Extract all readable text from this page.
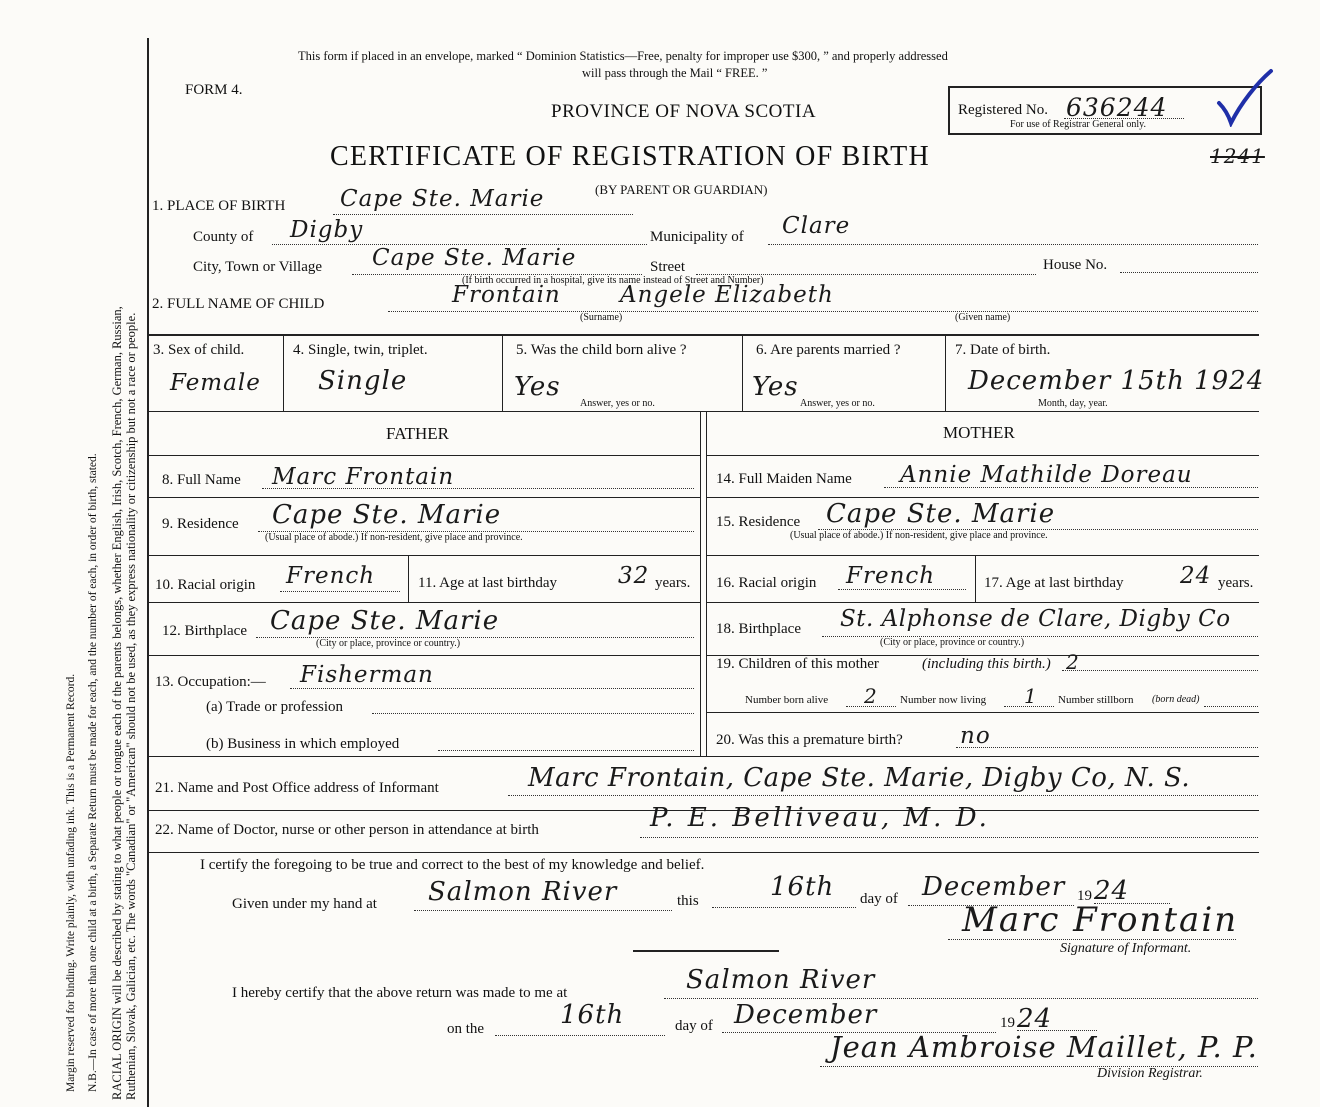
Margin reserved for binding. Write plainly, with unfading ink. This is a Permanent Record. N.B.—In case of more than one child at a birth, a Separate Return must be made for each, and the number of each, in order of birth, stated. RACIAL ORIGIN will be described by stating to what people or tongue each of the parents belongs, whether English, Irish, Scotch, French, German, Russian, Ruthenian, Slovak, Galician, etc. The words "Canadian" or "American" should not be used, as they express nationality or citizenship but not a race or people.
This form if placed in an envelope, marked “ Dominion Statistics—Free, penalty for improper use $300, ” and properly addressed
will pass through the Mail “ FREE. ”
FORM 4.
PROVINCE OF NOVA SCOTIA
CERTIFICATE OF REGISTRATION OF BIRTH
(BY PARENT OR GUARDIAN)
Registered No. 636244
For use of Registrar General only.
1241
1. PLACE OF BIRTH Cape Ste. Marie
County of Digby	Municipality of Clare
City, Town or Village Cape Ste. Marie	Street	House No.
(If birth occurred in a hospital, give its name instead of Street and Number)
2. FULL NAME OF CHILD	Frontain	Angele Elizabeth
(Surname)	(Given name)
3. Sex of child.
Female
4. Single, twin, triplet.
Single
5. Was the child born alive ?
Yes
Answer, yes or no.
6. Are parents married ?
Yes
Answer, yes or no.
7. Date of birth.
December 15th 1924
Month, day, year.
FATHER	MOTHER
8. Full Name Marc Frontain
9. Residence Cape Ste. Marie
(Usual place of abode.) If non-resident, give place and province.
10. Racial origin French	11. Age at last birthday	32 years.
12. Birthplace Cape Ste. Marie
(City or place, province or country.)
13. Occupation:— Fisherman
(a) Trade or profession
(b) Business in which employed
14. Full Maiden Name Annie Mathilde Doreau
15. Residence Cape Ste. Marie
(Usual place of abode.) If non-resident, give place and province.
16. Racial origin French	17. Age at last birthday 24 years.
18. Birthplace St. Alphonse de Clare, Digby Co
(City or place, province or country.)
19. Children of this mother	(including this birth.) 2
Number born alive 2 Number now living 1 Number stillborn (born dead)
20. Was this a premature birth? no
21. Name and Post Office address of Informant	Marc Frontain, Cape Ste. Marie, Digby Co, N. S.
22. Name of Doctor, nurse or other person in attendance at birth	P. E. Belliveau, M. D.
I certify the foregoing to be true and correct to the best of my knowledge and belief.
Given under my hand at Salmon River	this	16th day of December 19 24
Marc Frontain
Signature of Informant.
I hereby certify that the above return was made to me at	Salmon River
on the	16th	day of December	19 24
Jean Ambroise Maillet, P. P.
Division Registrar.
